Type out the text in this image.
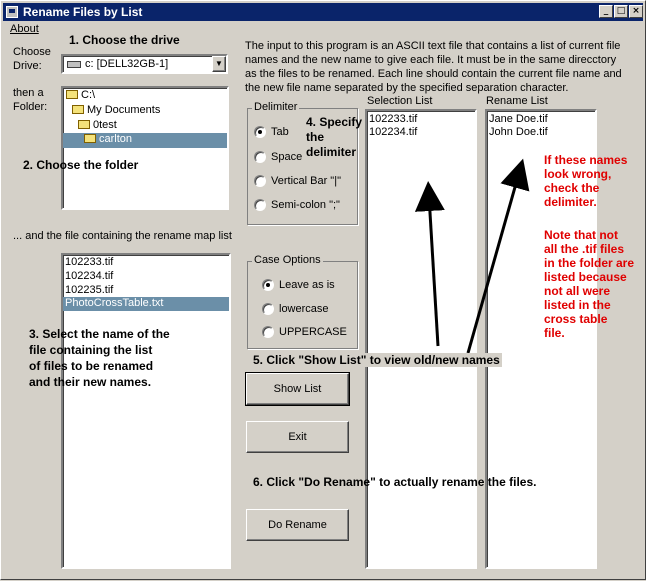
Rename Files by List	_ □ ×
About
Choose
Drive:
1. Choose the drive
c: [DELL32GB-1]	▼
then a
Folder:
C:\
My Documents
0test
carlton
2. Choose the folder
... and the file containing the rename map list
102233.tif
102234.tif
102235.tif
PhotoCrossTable.txt
3. Select the name of the
file containing the list
of files to be renamed
and their new names.
The input to this program is an ASCII text file that contains a list of current file names and the new name to give each file. It must be in the same direcctory as the files to be renamed. Each line should contain the current file name and the new file name separated by the specified separation character.
Delimiter
Tab
Space
Vertical Bar "|"
Semi-colon ";"
4. Specify
the
delimiter
Case Options
Leave as is
lowercase
UPPERCASE
Show List
Exit
Do Rename
Selection List
102233.tif
102234.tif
Rename List
Jane Doe.tif
John Doe.tif
5. Click "Show List" to view old/new names
6. Click "Do Rename" to actually rename the files.
If these names
look wrong,
check the
delimiter.
Note that not
all the .tif files
in the folder are
listed because
not all were
listed in the
cross table
file.
